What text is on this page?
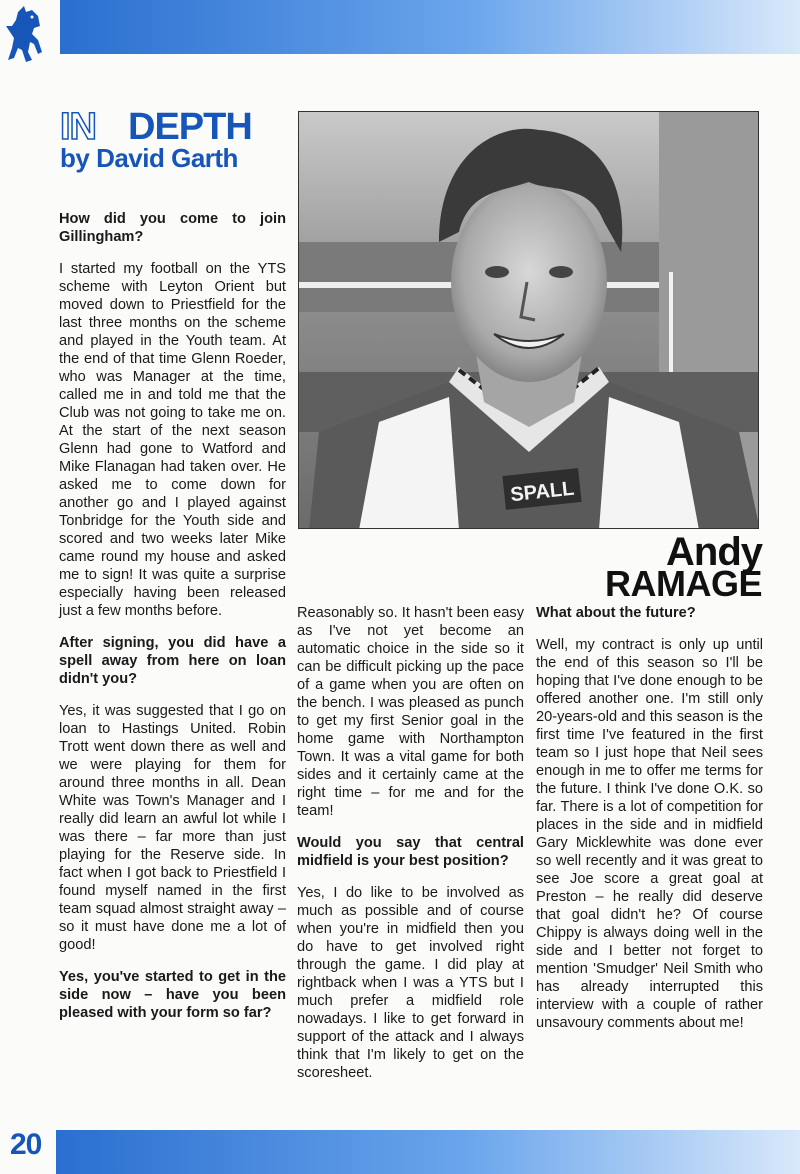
IN DEPTH
by David Garth
SPALL
Andy
RAMAGE

How did you come to join Gillingham?

I started my football on the YTS scheme with Leyton Orient but moved down to Priestfield for the last three months on the scheme and played in the Youth team. At the end of that time Glenn Roeder, who was Manager at the time, called me in and told me that the Club was not going to take me on. At the start of the next season Glenn had gone to Watford and Mike Flanagan had taken over. He asked me to come down for another go and I played against Tonbridge for the Youth side and scored and two weeks later Mike came round my house and asked me to sign! It was quite a surprise especially having been released just a few months before.

After signing, you did have a spell away from here on loan didn't you?

Yes, it was suggested that I go on loan to Hastings United. Robin Trott went down there as well and we were playing for them for around three months in all. Dean White was Town's Manager and I really did learn an awful lot while I was there – far more than just playing for the Reserve side. In fact when I got back to Priestfield I found myself named in the first team squad almost straight away – so it must have done me a lot of good!

Yes, you've started to get in the side now – have you been pleased with your form so far?

Reasonably so. It hasn't been easy as I've not yet become an automatic choice in the side so it can be difficult picking up the pace of a game when you are often on the bench. I was pleased as punch to get my first Senior goal in the home game with Northampton Town. It was a vital game for both sides and it certainly came at the right time – for me and for the team!

Would you say that central midfield is your best position?

Yes, I do like to be involved as much as possible and of course when you're in midfield then you do have to get involved right through the game. I did play at rightback when I was a YTS but I much prefer a midfield role nowadays. I like to get forward in support of the attack and I always think that I'm likely to get on the scoresheet.

What about the future?

Well, my contract is only up until the end of this season so I'll be hoping that I've done enough to be offered another one. I'm still only 20-years-old and this season is the first time I've featured in the first team so I just hope that Neil sees enough in me to offer me terms for the future. I think I've done O.K. so far. There is a lot of competition for places in the side and in midfield Gary Micklewhite was done ever so well recently and it was great to see Joe score a great goal at Preston – he really did deserve that goal didn't he? Of course Chippy is always doing well in the side and I better not forget to mention 'Smudger' Neil Smith who has already interrupted this interview with a couple of rather unsavoury comments about me!

20
